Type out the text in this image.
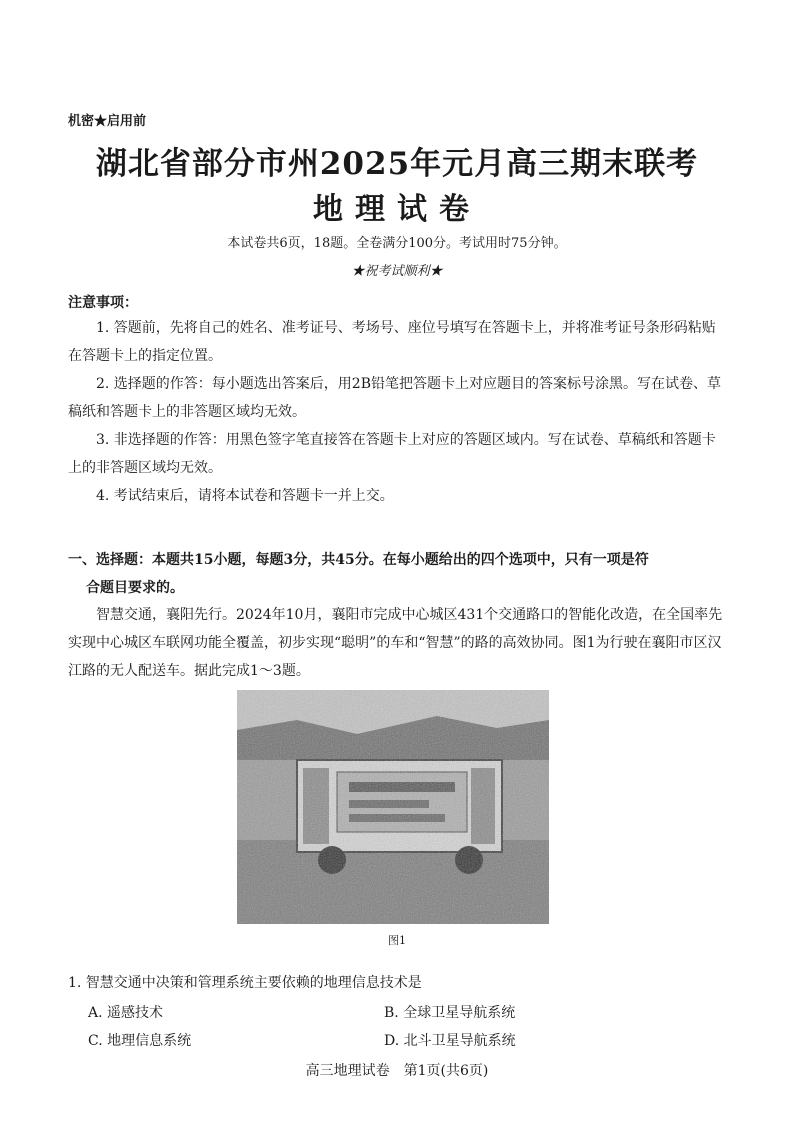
机密★启用前
湖北省部分市州2025年元月高三期末联考
地理试卷
本试卷共6页，18题。全卷满分100分。考试用时75分钟。
★祝考试顺利★
注意事项：
1. 答题前，先将自己的姓名、准考证号、考场号、座位号填写在答题卡上，并将准考证号条形码粘贴在答题卡上的指定位置。
2. 选择题的作答：每小题选出答案后，用2B铅笔把答题卡上对应题目的答案标号涂黑。写在试卷、草稿纸和答题卡上的非答题区域均无效。
3. 非选择题的作答：用黑色签字笔直接答在答题卡上对应的答题区域内。写在试卷、草稿纸和答题卡上的非答题区域均无效。
4. 考试结束后，请将本试卷和答题卡一并上交。
一、选择题：本题共15小题，每题3分，共45分。在每小题给出的四个选项中，只有一项是符
合题目要求的。
智慧交通，襄阳先行。2024年10月，襄阳市完成中心城区431个交通路口的智能化改造，在全国率先实现中心城区车联网功能全覆盖，初步实现“聪明”的车和“智慧”的路的高效协同。图1为行驶在襄阳市区汉江路的无人配送车。据此完成1～3题。
图1
1. 智慧交通中决策和管理系统主要依赖的地理信息技术是
A. 遥感技术	B. 全球卫星导航系统
C. 地理信息系统	D. 北斗卫星导航系统
高三地理试卷　第1页(共6页)
